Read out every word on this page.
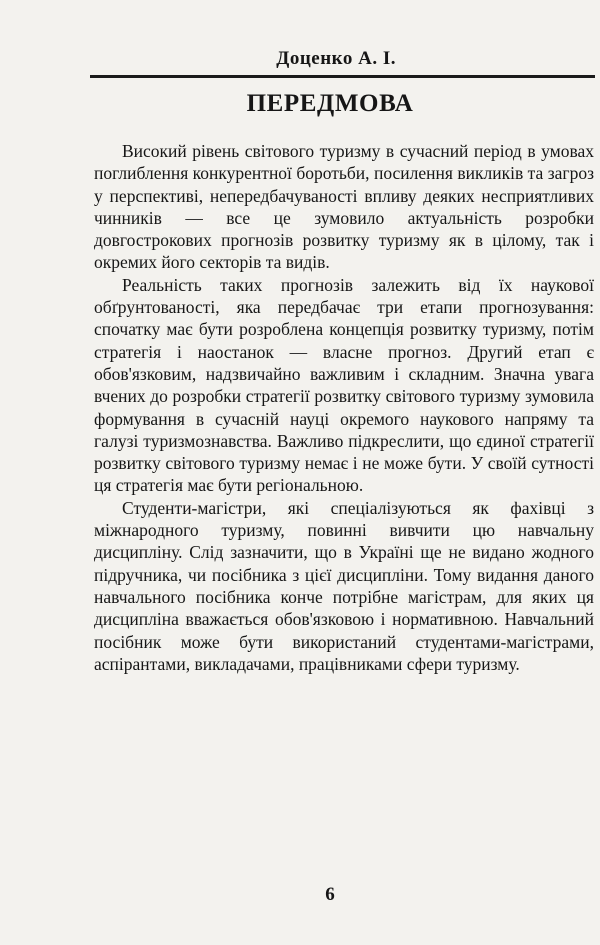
Доценко А. І.
ПЕРЕДМОВА

Високий рівень світового туризму в сучасний період в умовах поглиблення конкурентної боротьби, посилення викликів та загроз у перспективі, непередбачуваності впливу деяких несприятливих чинників — все це зумовило актуальність розробки довгострокових прогнозів розвитку туризму як в цілому, так і окремих його секторів та видів.

Реальність таких прогнозів залежить від їх наукової обґрунтованості, яка передбачає три етапи прогнозування: спочатку має бути розроблена концепція розвитку туризму, потім стратегія і наостанок — власне прогноз. Другий етап є обов'язковим, надзвичайно важливим і складним. Значна увага вчених до розробки стратегії розвитку світового туризму зумовила формування в сучасній науці окремого наукового напряму та галузі туризмознавства. Важливо підкреслити, що єдиної стратегії розвитку світового туризму немає і не може бути. У своїй сутності ця стратегія має бути регіональною.

Студенти-магістри, які спеціалізуються як фахівці з міжнародного туризму, повинні вивчити цю навчальну дисципліну. Слід зазначити, що в Україні ще не видано жодного підручника, чи посібника з цієї дисципліни. Тому видання даного навчального посібника конче потрібне магістрам, для яких ця дисципліна вважається обов'язковою і нормативною. Навчальний посібник може бути використаний студентами-магістрами, аспірантами, викладачами, працівниками сфери туризму.

6
